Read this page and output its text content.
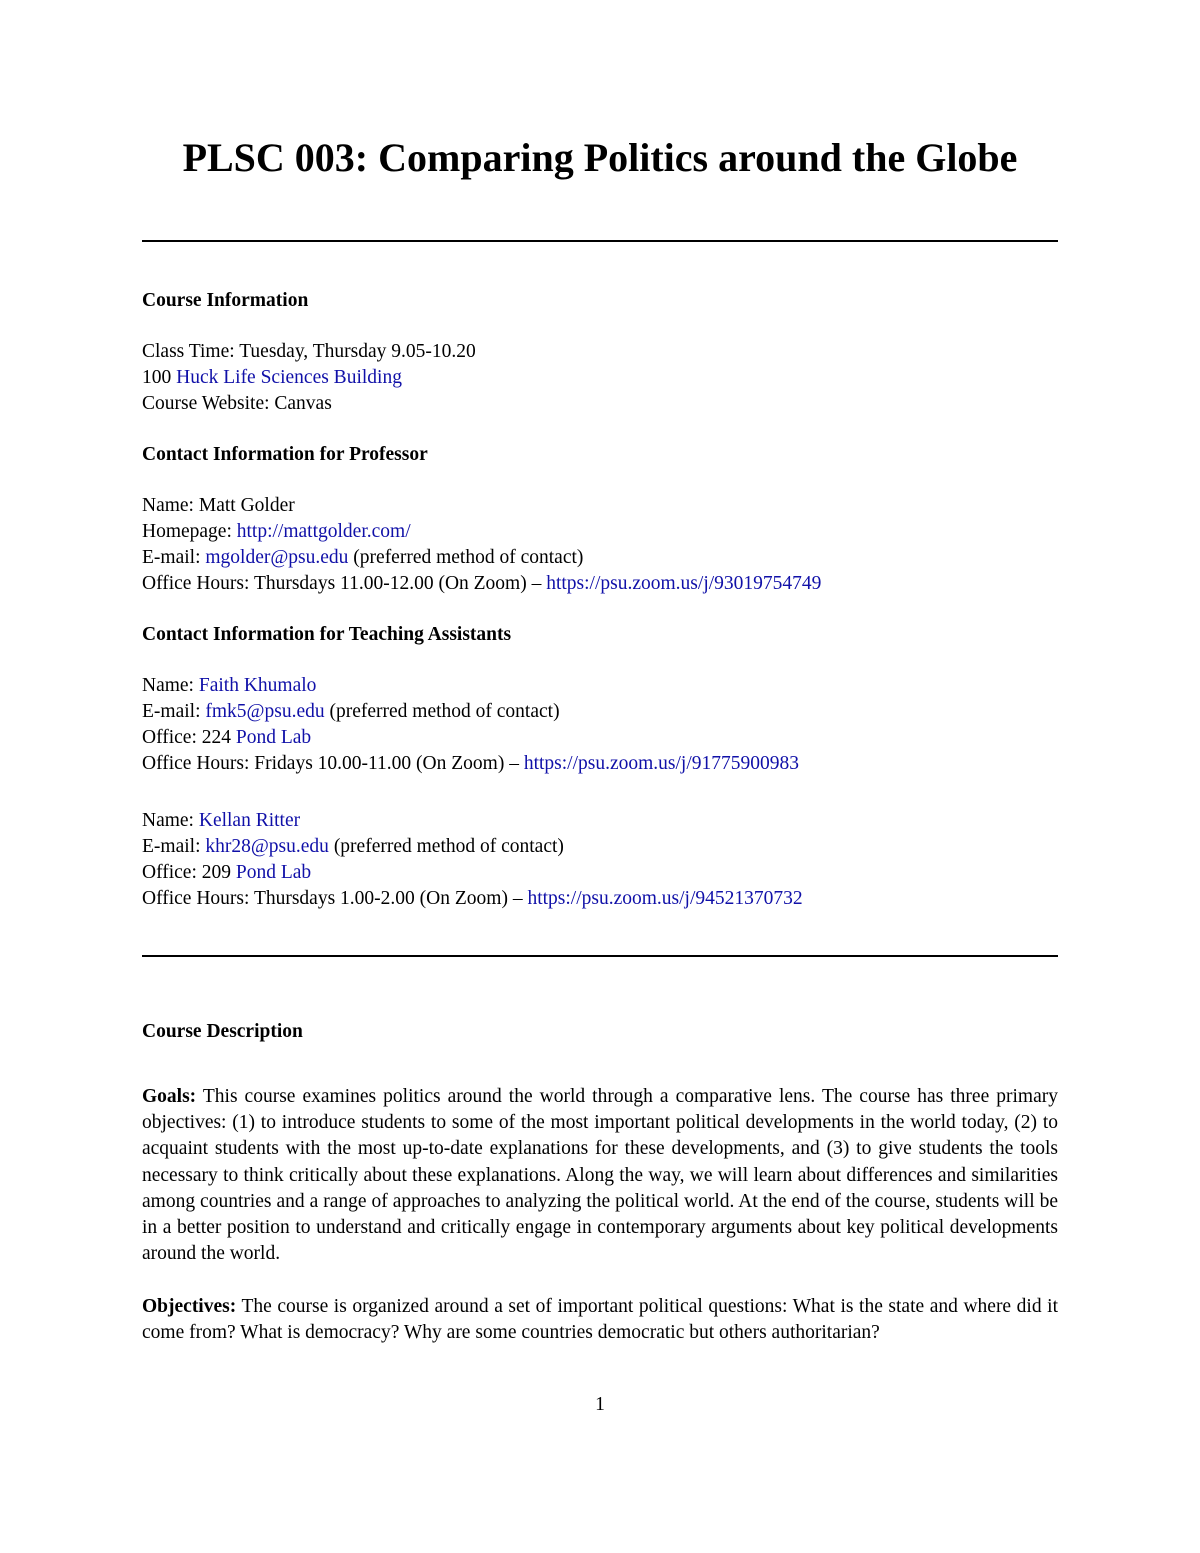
PLSC 003: Comparing Politics around the Globe
Course Information
Class Time: Tuesday, Thursday 9.05-10.20
100 Huck Life Sciences Building
Course Website: Canvas
Contact Information for Professor
Name: Matt Golder
Homepage: http://mattgolder.com/
E-mail: mgolder@psu.edu (preferred method of contact)
Office Hours: Thursdays 11.00-12.00 (On Zoom) – https://psu.zoom.us/j/93019754749
Contact Information for Teaching Assistants
Name: Faith Khumalo
E-mail: fmk5@psu.edu (preferred method of contact)
Office: 224 Pond Lab
Office Hours: Fridays 10.00-11.00 (On Zoom) – https://psu.zoom.us/j/91775900983
Name: Kellan Ritter
E-mail: khr28@psu.edu (preferred method of contact)
Office: 209 Pond Lab
Office Hours: Thursdays 1.00-2.00 (On Zoom) – https://psu.zoom.us/j/94521370732
Course Description

Goals: This course examines politics around the world through a comparative lens. The course has three primary objectives: (1) to introduce students to some of the most important political developments in the world today, (2) to acquaint students with the most up-to-date explanations for these developments, and (3) to give students the tools necessary to think critically about these explanations. Along the way, we will learn about differences and similarities among countries and a range of approaches to analyzing the political world. At the end of the course, students will be in a better position to understand and critically engage in contemporary arguments about key political developments around the world.

Objectives: The course is organized around a set of important political questions: What is the state and where did it come from? What is democracy? Why are some countries democratic but others authoritarian?

1
